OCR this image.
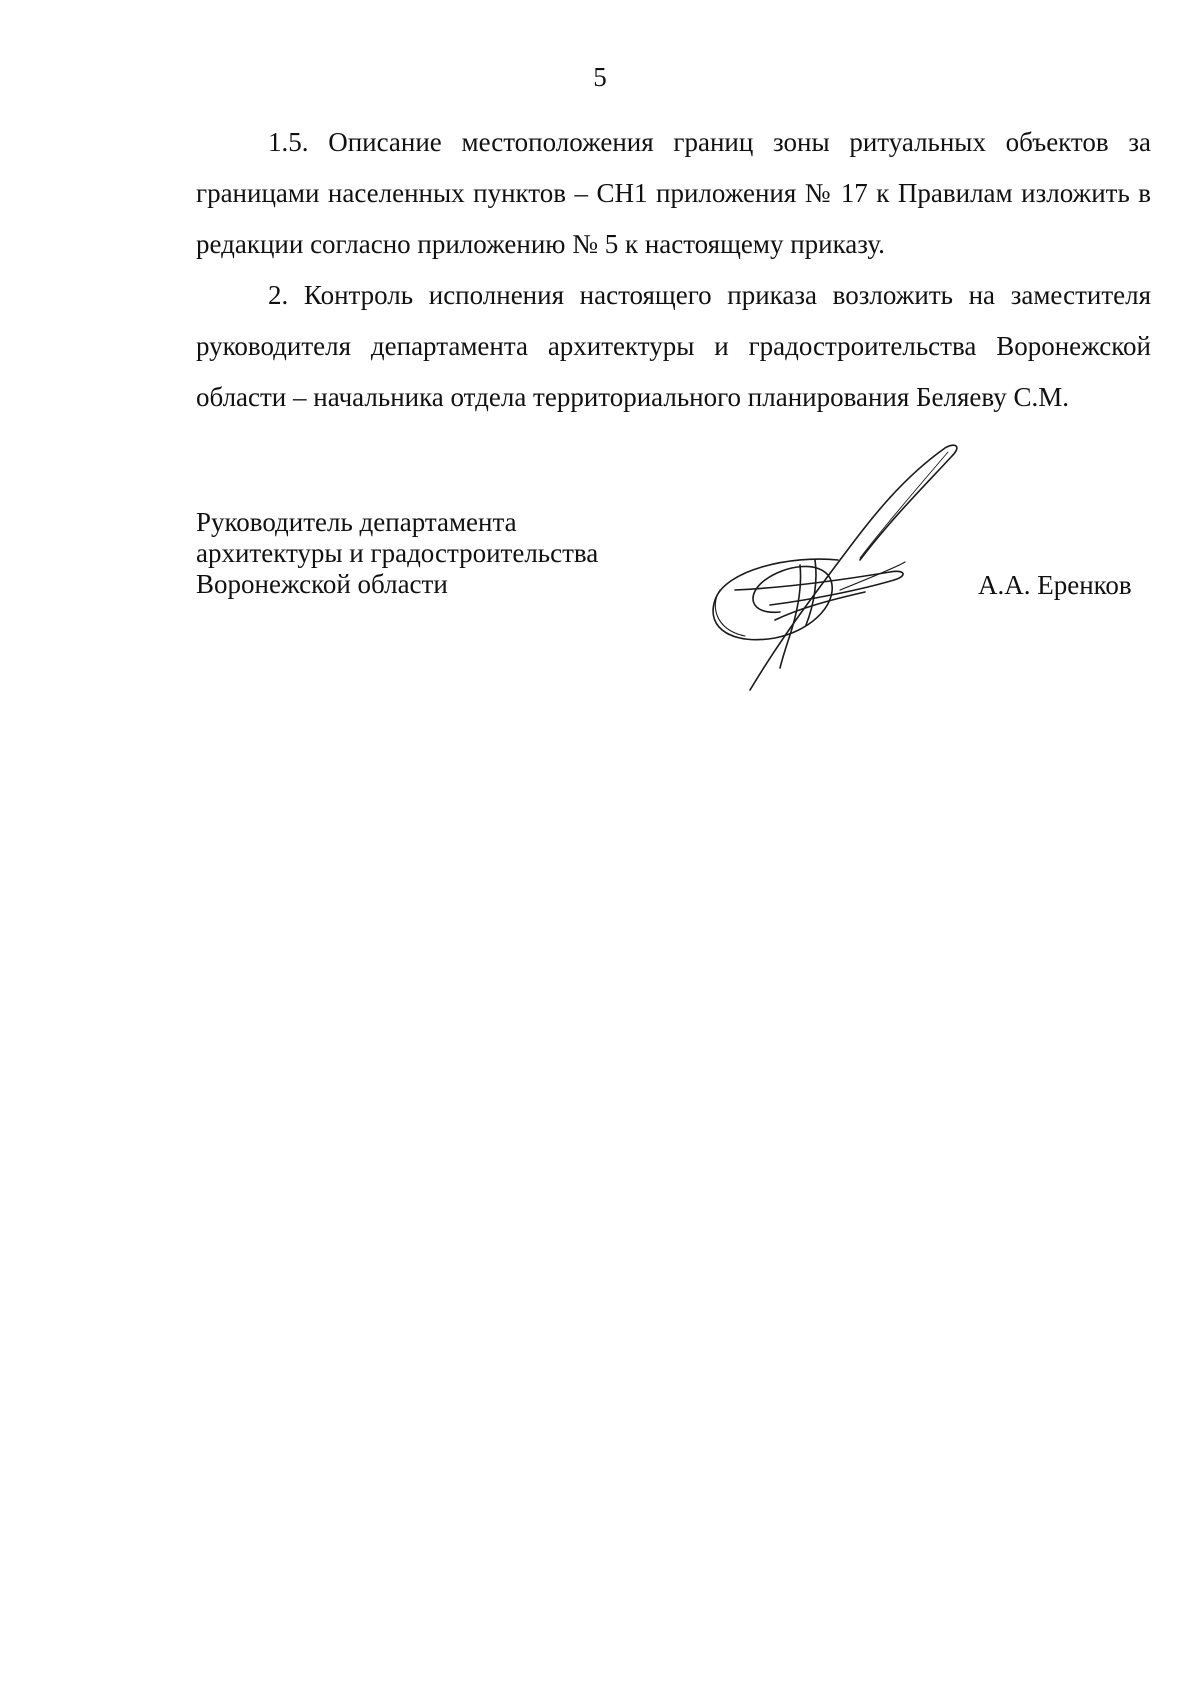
5

1.5. Описание местоположения границ зоны ритуальных объектов за границами населенных пунктов – СН1 приложения № 17 к Правилам изложить в редакции согласно приложению № 5 к настоящему приказу.

2. Контроль исполнения настоящего приказа возложить на заместителя руководителя департамента архитектуры и градостроительства Воронежской области – начальника отдела территориального планирования Беляеву С.М.

Руководитель департамента
архитектуры и градостроительства
Воронежской области	А.А. Еренков
